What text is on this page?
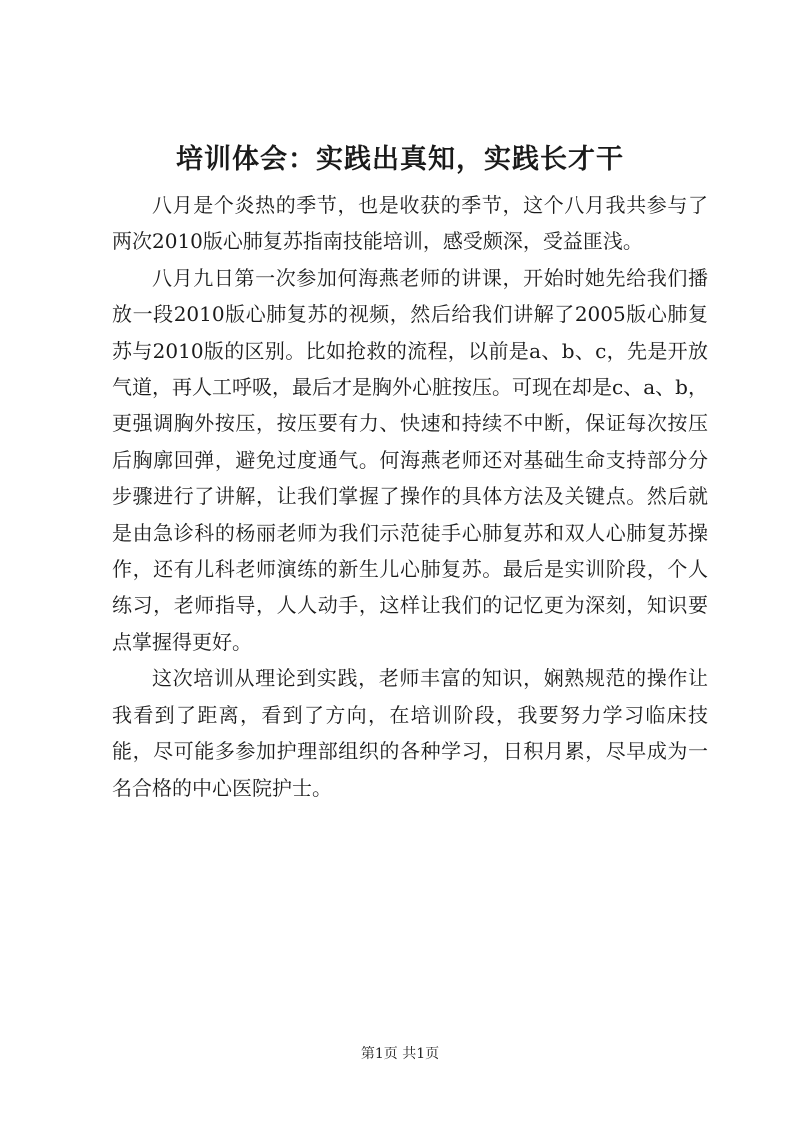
培训体会：实践出真知，实践长才干

八月是个炎热的季节，也是收获的季节，这个八月我共参与了两次2010版心肺复苏指南技能培训，感受颇深，受益匪浅。

八月九日第一次参加何海燕老师的讲课，开始时她先给我们播放一段2010版心肺复苏的视频，然后给我们讲解了2005版心肺复苏与2010版的区别。比如抢救的流程，以前是a、b、c，先是开放气道，再人工呼吸，最后才是胸外心脏按压。可现在却是c、a、b，更强调胸外按压，按压要有力、快速和持续不中断，保证每次按压后胸廓回弹，避免过度通气。何海燕老师还对基础生命支持部分分步骤进行了讲解，让我们掌握了操作的具体方法及关键点。然后就是由急诊科的杨丽老师为我们示范徒手心肺复苏和双人心肺复苏操作，还有儿科老师演练的新生儿心肺复苏。最后是实训阶段，个人练习，老师指导，人人动手，这样让我们的记忆更为深刻，知识要点掌握得更好。

这次培训从理论到实践，老师丰富的知识，娴熟规范的操作让我看到了距离，看到了方向，在培训阶段，我要努力学习临床技能，尽可能多参加护理部组织的各种学习，日积月累，尽早成为一名合格的中心医院护士。

第1页 共1页
